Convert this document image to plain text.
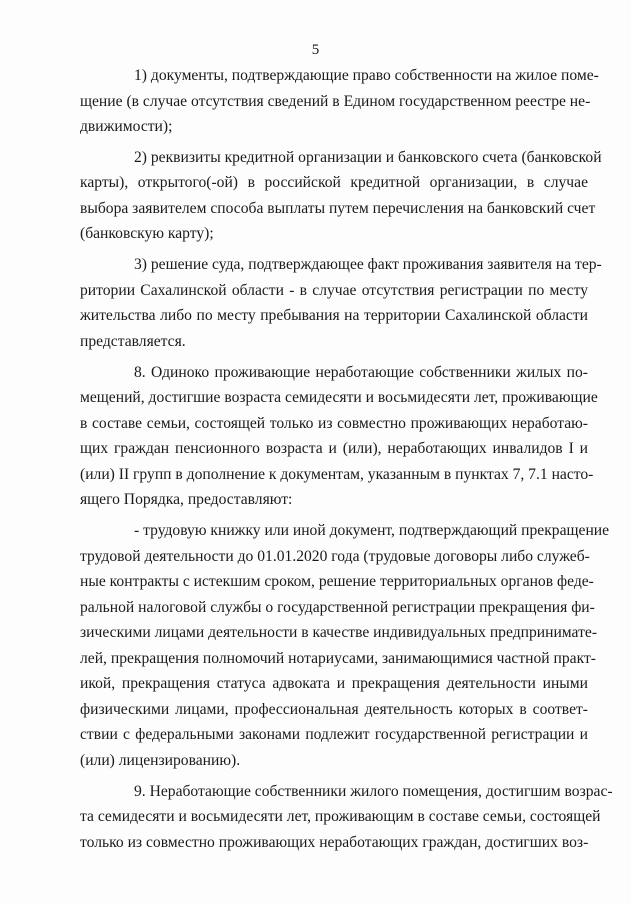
5
1) документы, подтверждающие право собственности на жилое поме-
щение (в случае отсутствия сведений в Едином государственном реестре не-
движимости);
2) реквизиты кредитной организации и банковского счета (банковской
карты), открытого(-ой) в российской кредитной организации, в случае
выбора заявителем способа выплаты путем перечисления на банковский счет
(банковскую карту);
3) решение суда, подтверждающее факт проживания заявителя на тер-
ритории Сахалинской области - в случае отсутствия регистрации по месту
жительства либо по месту пребывания на территории Сахалинской области
представляется.
8. Одиноко проживающие неработающие собственники жилых по-
мещений, достигшие возраста семидесяти и восьмидесяти лет, проживающие
в составе семьи, состоящей только из совместно проживающих неработаю-
щих граждан пенсионного возраста и (или), неработающих инвалидов I и
(или) II групп в дополнение к документам, указанным в пунктах 7, 7.1 насто-
ящего Порядка, предоставляют:
- трудовую книжку или иной документ, подтверждающий прекращение
трудовой деятельности до 01.01.2020 года (трудовые договоры либо служеб-
ные контракты с истекшим сроком, решение территориальных органов феде-
ральной налоговой службы о государственной регистрации прекращения фи-
зическими лицами деятельности в качестве индивидуальных предпринимате-
лей, прекращения полномочий нотариусами, занимающимися частной практ-
икой, прекращения статуса адвоката и прекращения деятельности иными
физическими лицами, профессиональная деятельность которых в соответ-
ствии с федеральными законами подлежит государственной регистрации и
(или) лицензированию).
9. Неработающие собственники жилого помещения, достигшим возрас-
та семидесяти и восьмидесяти лет, проживающим в составе семьи, состоящей
только из совместно проживающих неработающих граждан, достигших воз-
